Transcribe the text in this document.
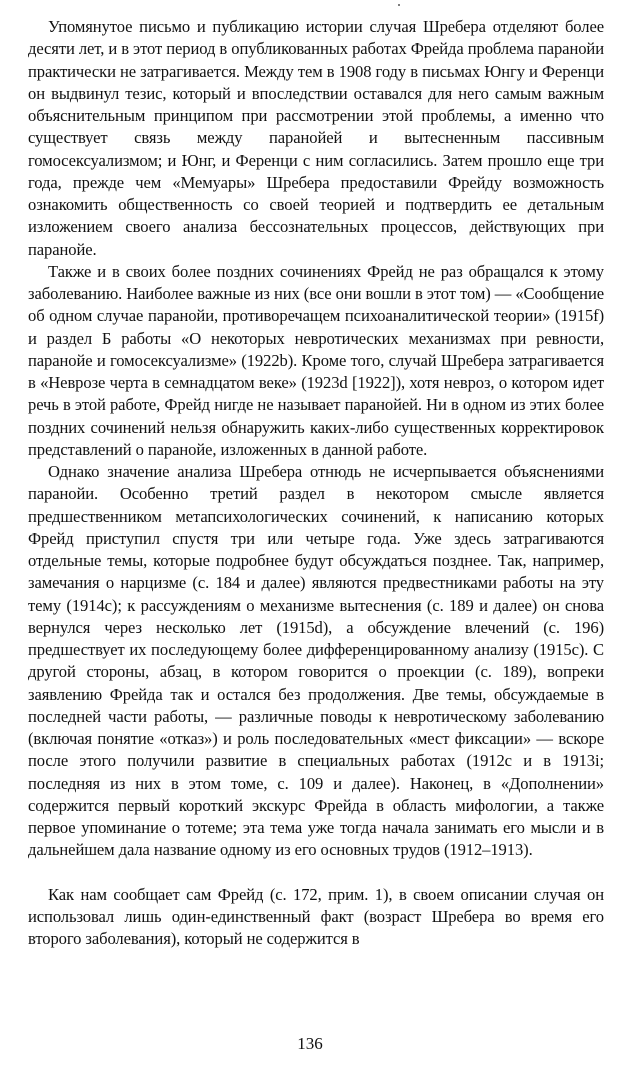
Упомянутое письмо и публикацию истории случая Шребера отделяют более десяти лет, и в этот период в опубликованных работах Фрейда проблема паранойи практически не затрагивается. Между тем в 1908 году в письмах Юнгу и Ференци он выдвинул тезис, который и впоследствии оставался для него самым важным объяснительным принципом при рассмотрении этой проблемы, а именно что существует связь между паранойей и вытесненным пассивным гомосексуализмом; и Юнг, и Ференци с ним согласились. Затем прошло еще три года, прежде чем «Мемуары» Шребера предоставили Фрейду возможность ознакомить общественность со своей теорией и подтвердить ее детальным изложением своего анализа бессознательных процессов, действующих при паранойе.

Также и в своих более поздних сочинениях Фрейд не раз обращался к этому заболеванию. Наиболее важные из них (все они вошли в этот том) — «Сообщение об одном случае паранойи, противоречащем психоаналитической теории» (1915f) и раздел Б работы «О некоторых невротических механизмах при ревности, паранойе и гомосексуализме» (1922b). Кроме того, случай Шребера затрагивается в «Неврозе черта в семнадцатом веке» (1923d [1922]), хотя невроз, о котором идет речь в этой работе, Фрейд нигде не называет паранойей. Ни в одном из этих более поздних сочинений нельзя обнаружить каких-либо существенных корректировок представлений о паранойе, изложенных в данной работе.

Однако значение анализа Шребера отнюдь не исчерпывается объяснениями паранойи. Особенно третий раздел в некотором смысле является предшественником метапсихологических сочинений, к написанию которых Фрейд приступил спустя три или четыре года. Уже здесь затрагиваются отдельные темы, которые подробнее будут обсуждаться позднее. Так, например, замечания о нарцизме (с. 184 и далее) являются предвестниками работы на эту тему (1914c); к рассуждениям о механизме вытеснения (с. 189 и далее) он снова вернулся через несколько лет (1915d), а обсуждение влечений (с. 196) предшествует их последующему более дифференцированному анализу (1915c). С другой стороны, абзац, в котором говорится о проекции (с. 189), вопреки заявлению Фрейда так и остался без продолжения. Две темы, обсуждаемые в последней части работы, — различные поводы к невротическому заболеванию (включая понятие «отказ») и роль последовательных «мест фиксации» — вскоре после этого получили развитие в специальных работах (1912c и в 1913i; последняя из них в этом томе, с. 109 и далее). Наконец, в «Дополнении» содержится первый короткий экскурс Фрейда в область мифологии, а также первое упоминание о тотеме; эта тема уже тогда начала занимать его мысли и в дальнейшем дала название одному из его основных трудов (1912–1913).

Как нам сообщает сам Фрейд (с. 172, прим. 1), в своем описании случая он использовал лишь один-единственный факт (возраст Шребера во время его второго заболевания), который не содержится в

136
